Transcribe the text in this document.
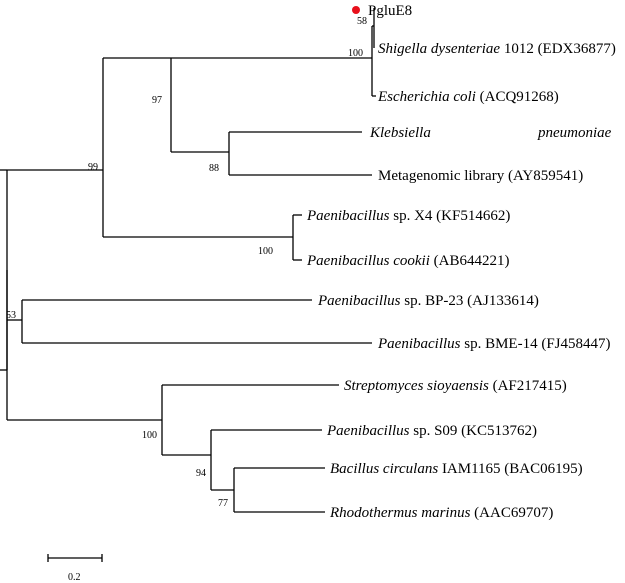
PgluE8
Shigella dysenteriae 1012 (EDX36877)
Escherichia coli (ACQ91268)
Klebsiella	pneumoniae
Metagenomic library (AY859541)
Paenibacillus sp. X4 (KF514662)
Paenibacillus cookii (AB644221)
Paenibacillus sp. BP-23 (AJ133614)
Paenibacillus sp. BME-14 (FJ458447)
Streptomyces sioyaensis (AF217415)
Paenibacillus sp. S09 (KC513762)
Bacillus circulans IAM1165 (BAC06195)
Rhodothermus marinus (AAC69707)
58
100
97
88
99
100
53
100
94
77
0.2
